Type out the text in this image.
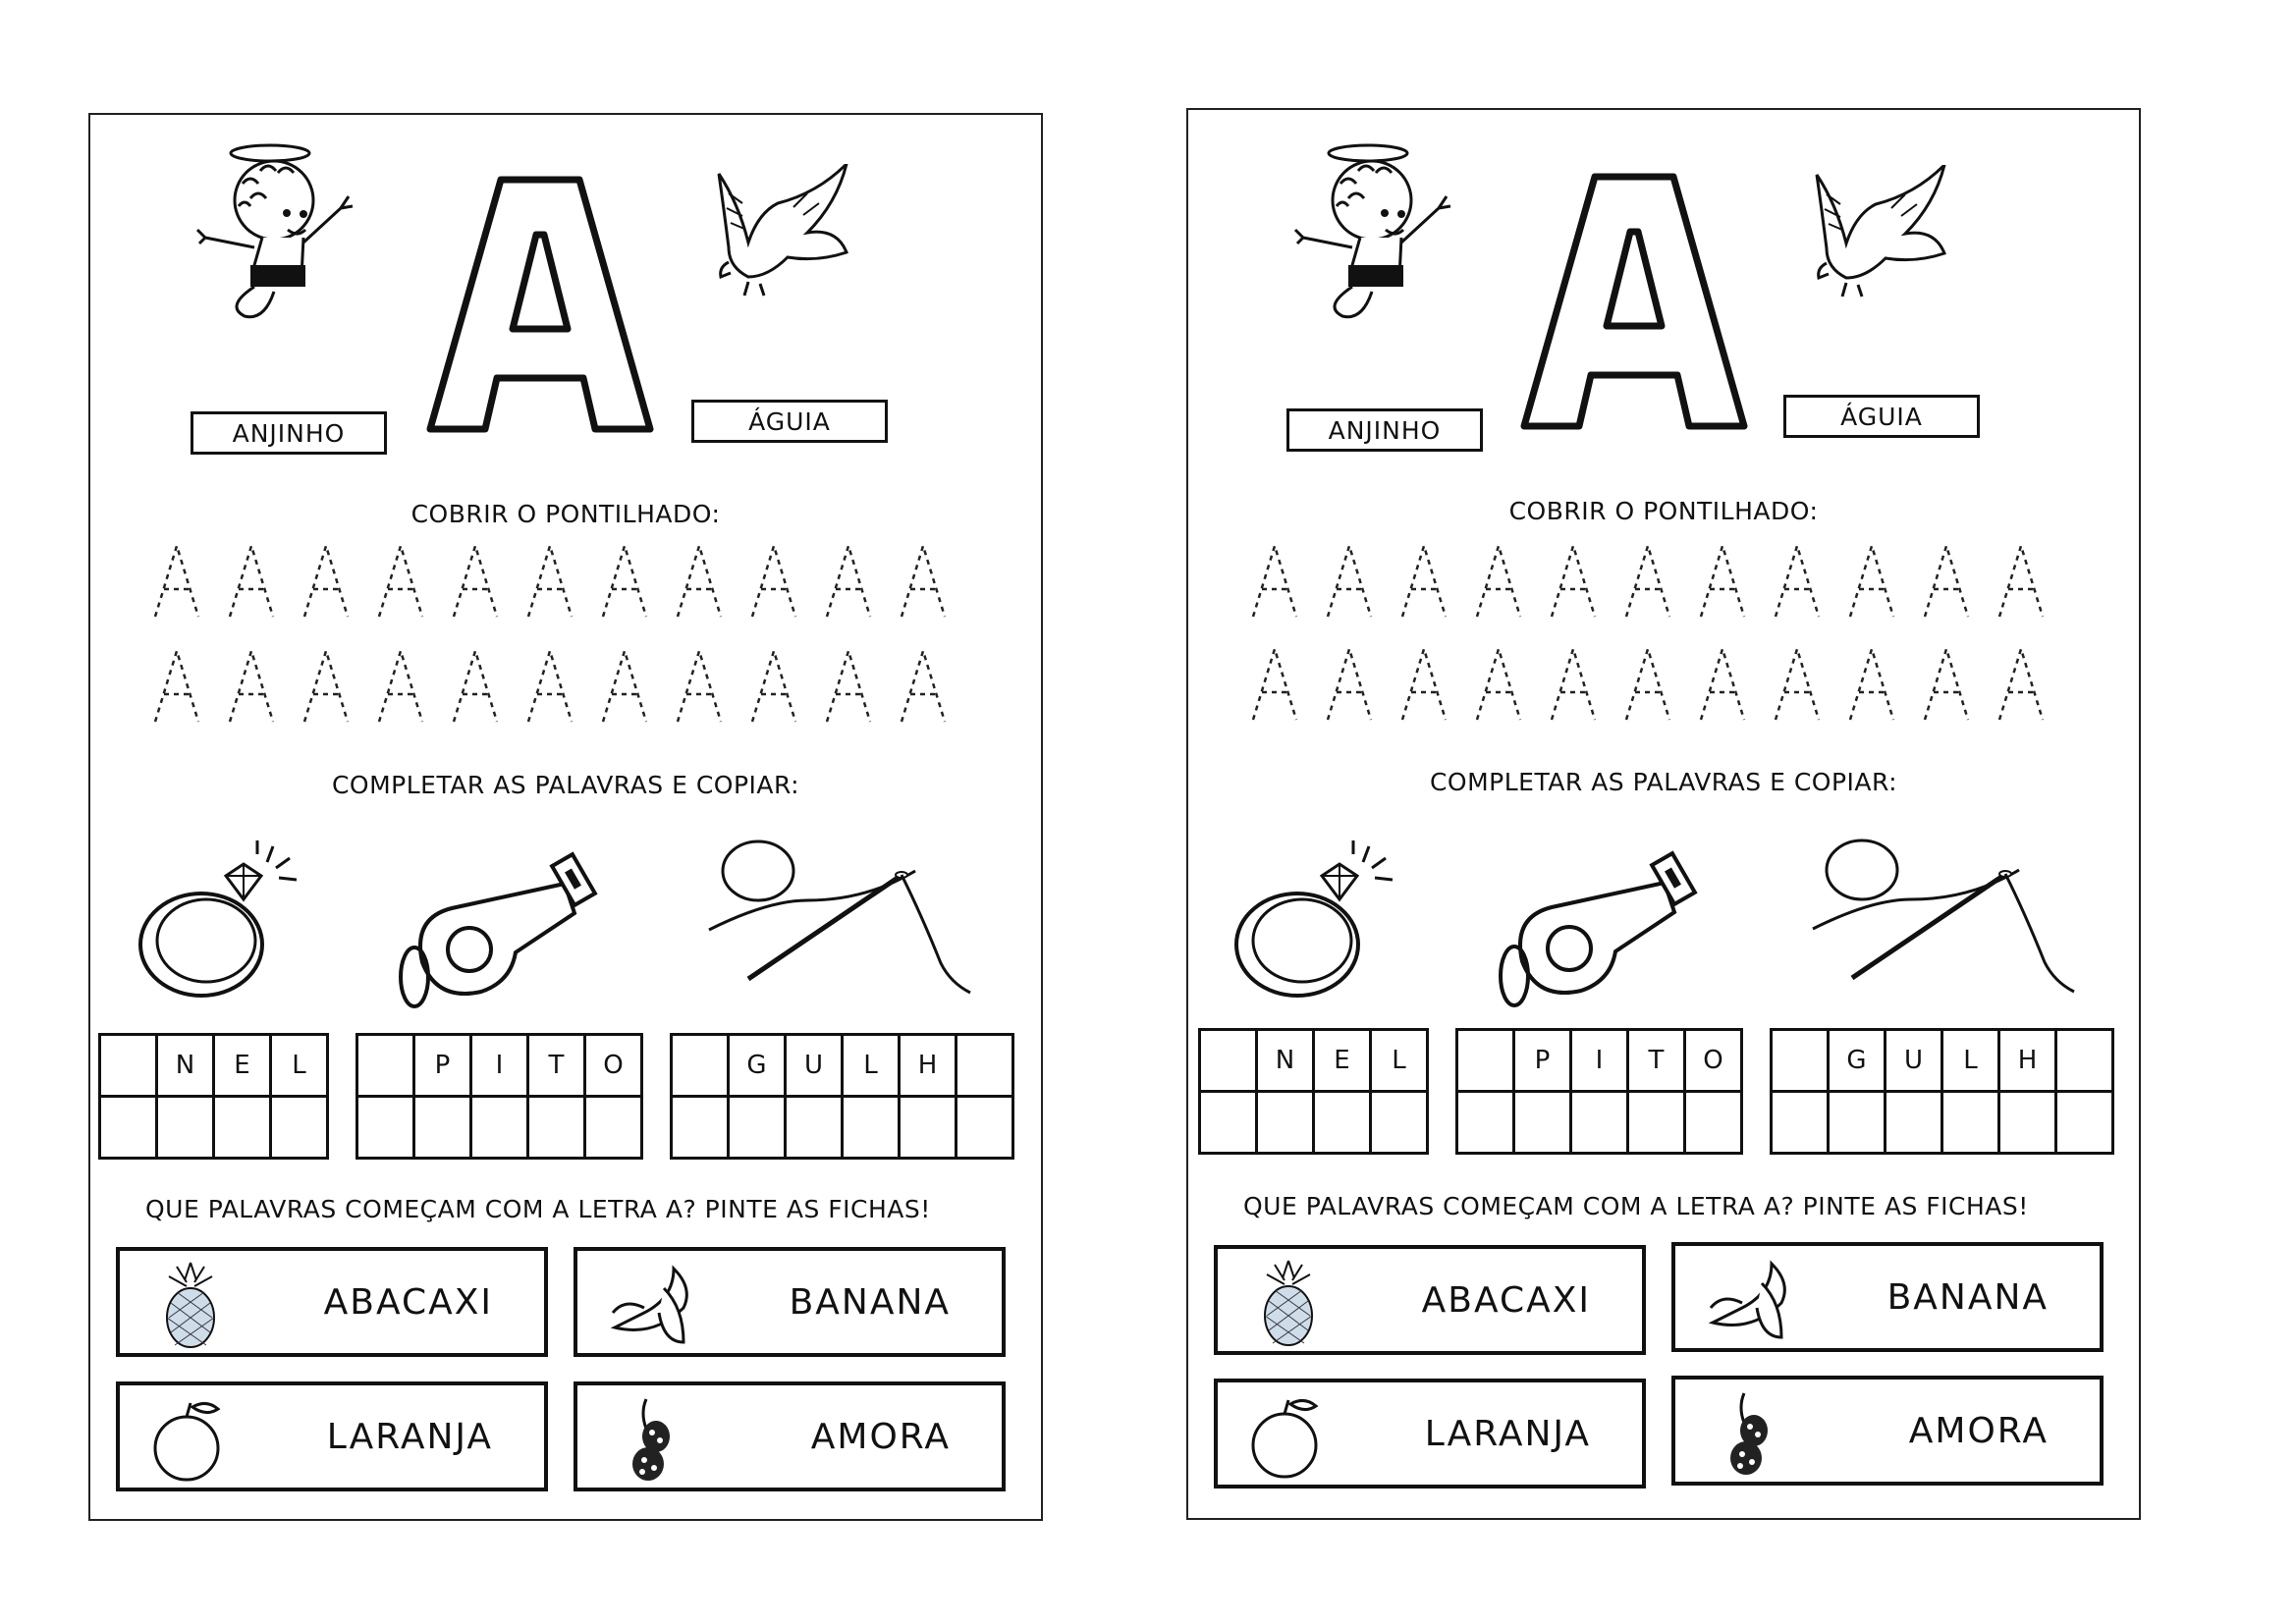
ANJINHO	ÁGUIA
COBRIR O PONTILHADO:
COMPLETAR AS PALAVRAS E COPIAR:
	N	E	L

		P	I	T	O

		G	U	L	H	

QUE PALAVRAS COMEÇAM COM A LETRA A? PINTE AS FICHAS!
ABACAXI	BANANA
LARANJA	AMORA
ANJINHO	ÁGUIA
COBRIR O PONTILHADO:
COMPLETAR AS PALAVRAS E COPIAR:
	N	E	L

		P	I	T	O

		G	U	L	H	

QUE PALAVRAS COMEÇAM COM A LETRA A? PINTE AS FICHAS!
ABACAXI	BANANA
LARANJA	AMORA
